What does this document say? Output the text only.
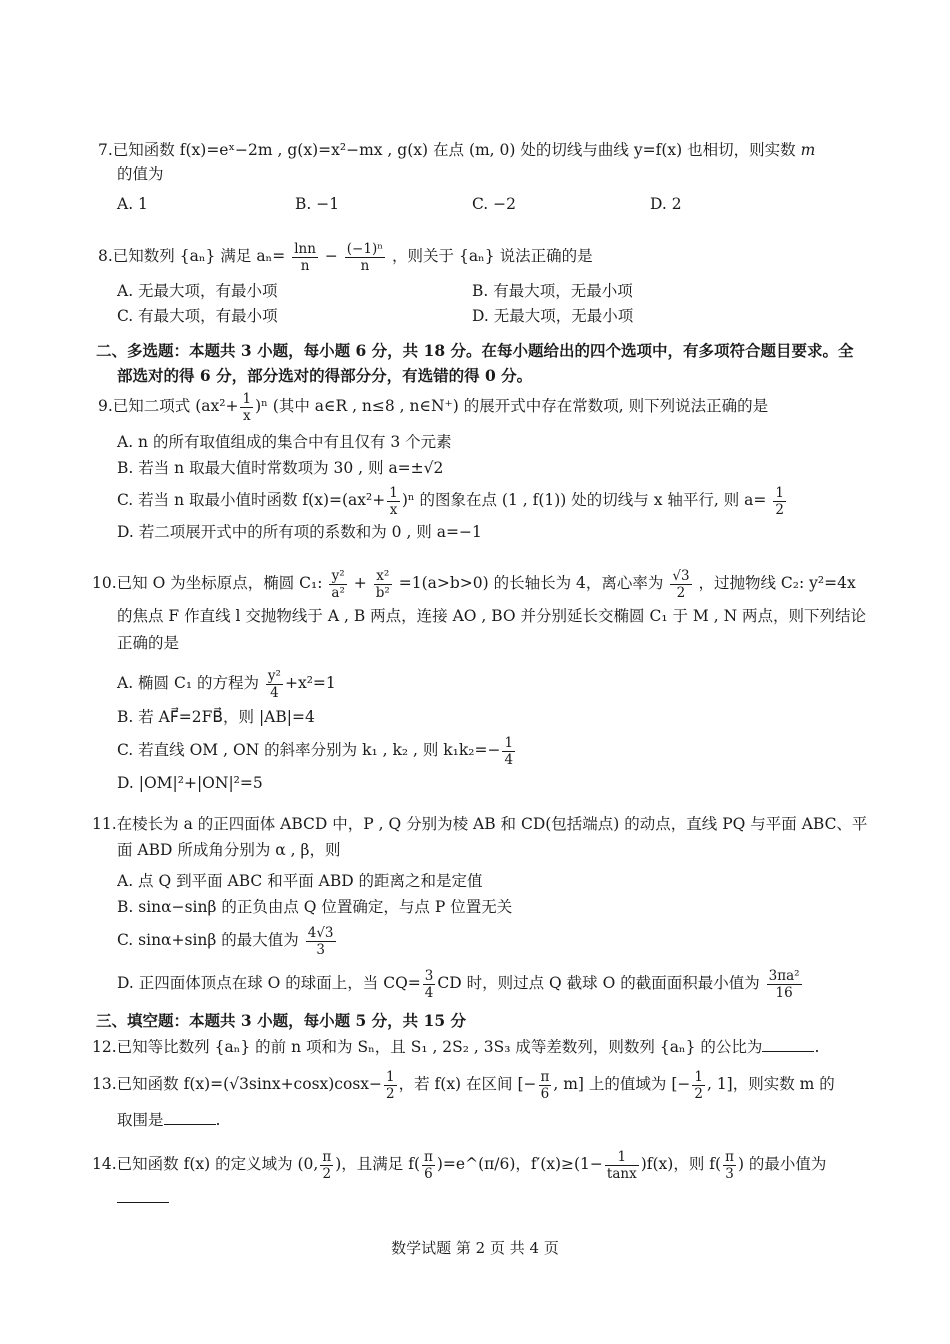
7.已知函数 f(x)=eˣ−2m , g(x)=x²−mx , g(x) 在点 (m, 0) 处的切线与曲线 y=f(x) 也相切，则实数 m
的值为
A. 1	B. −1	C. −2	D. 2
8.已知数列 {aₙ} 满足 $a_n= \frac{\ln n}{n} - \frac{\text{(−1)ⁿ}}{n}$ ，则关于 {aₙ} 说法正确的是
A. 无最大项，有最小项	B. 有最大项，无最小项
C. 有最大项，有最小项	D. 无最大项，无最小项
二、多选题：本题共 3 小题，每小题 6 分，共 18 分。在每小题给出的四个选项中，有多项符合题目要求。全
部选对的得 6 分，部分选对的得部分分，有选错的得 0 分。
9.已知二项式 $(ax^2+ \frac{1}{x} )^n$ (其中 a∈R , n≤8 , n∈N⁺) 的展开式中存在常数项, 则下列说法正确的是
A. n 的所有取值组成的集合中有且仅有 3 个元素
B. 若当 n 取最大值时常数项为 30 , 则 a=±√2
C. 若当 n 取最小值时函数 $f(x)=(ax^2+ \frac{1}{x} )^n$ 的图象在点 (1 , f(1)) 处的切线与 x 轴平行, 则 $a= \frac{1}{2}$
D. 若二项展开式中的所有项的系数和为 0 , 则 a=−1
10.已知 O 为坐标原点，椭圆 C₁: $\frac{\text{y²}}{\text{a²}} + \frac{\text{x²}}{\text{b²}} =1(a>b>0)$ 的长轴长为 4，离心率为 $\frac{√3}{2}$ ，过抛物线 C₂: y²=4x
的焦点 F 作直线 l 交抛物线于 A , B 两点，连接 AO , BO 并分别延长交椭圆 C₁ 于 M , N 两点，则下列结论
正确的是
A. 椭圆 C₁ 的方程为 $\frac{\text{y²}}{4} +x^2=1$
B. 若 AF⃗=2FB⃗，则 |AB|=4
C. 若直线 OM , ON 的斜率分别为 k₁ , k₂ , 则 $k_1k_2=- \frac{1}{4}$
D. |OM|²+|ON|²=5
11.在棱长为 a 的正四面体 ABCD 中，P , Q 分别为棱 AB 和 CD(包括端点) 的动点，直线 PQ 与平面 ABC、平
面 ABD 所成角分别为 α , β，则
A. 点 Q 到平面 ABC 和平面 ABD 的距离之和是定值
B. sinα−sinβ 的正负由点 Q 位置确定，与点 P 位置无关
C. sinα+sinβ 的最大值为 $\frac{4√3}{3}$
D. 正四面体顶点在球 O 的球面上，当 $CQ= \frac{3}{4}$ CD 时，则过点 Q 截球 O 的截面面积最小值为 $\frac{\text{3πa²}}{16}$
三、填空题：本题共 3 小题，每小题 5 分，共 15 分
12.已知等比数列 {aₙ} 的前 n 项和为 Sₙ，且 S₁ , 2S₂ , 3S₃ 成等差数列，则数列 {aₙ} 的公比为	.
13.已知函数 $f(x)=(√3\sin x+\cos x)\cos x- \frac{1}{2}$ ，若 f(x) 在区间 [− $\frac{\pi}{6}$ , m] 上的值域为 [− $\frac{1}{2}$ , 1]，则实数 m 的
取围是	.
14.已知函数 f(x) 的定义域为 (0, $\frac{\pi}{2}$ )，且满足 $f( \frac{\pi}{6}$ )=e^(π/6)，$f'(x)\ge(1- \frac{1}{\tan x} )f(x)$，则 $f( \frac{\pi}{3}$ ) 的最小值为
数学试题 第 2 页 共 4 页
